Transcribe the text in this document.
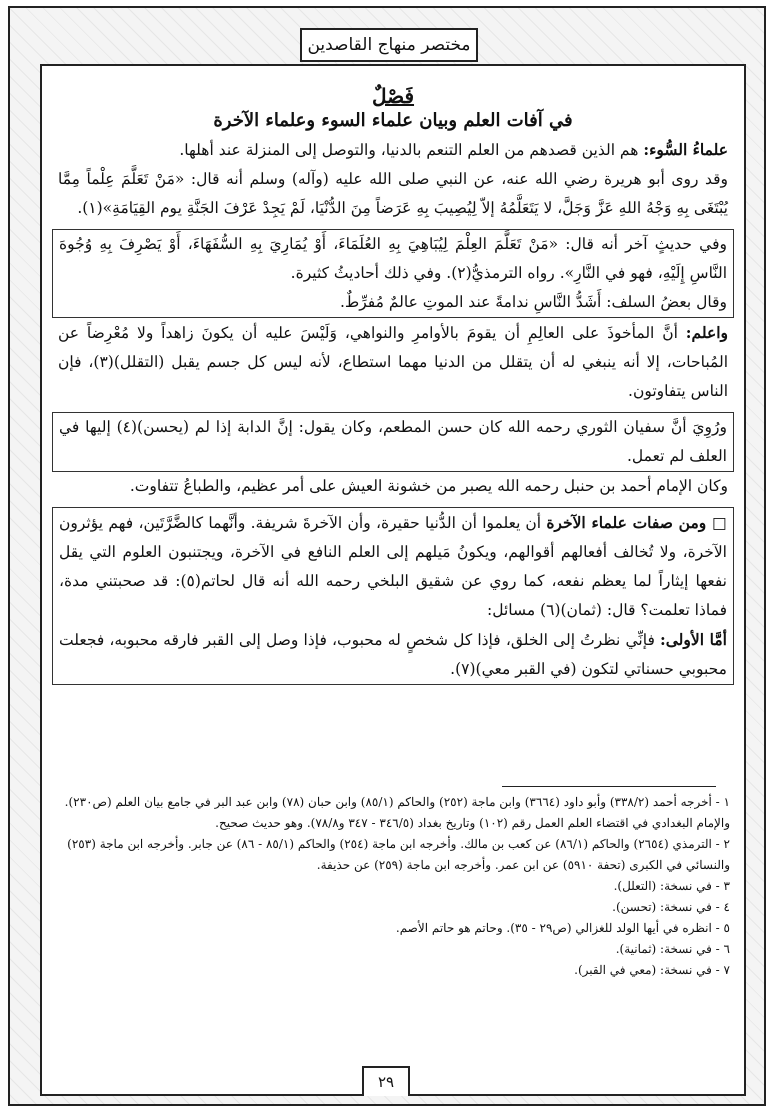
مختصر منهاج القاصدين
فَصْلٌ
في آفات العلم وبيان علماء السوء وعلماء الآخرة

علماءُ السُّوء: هم الذين قصدهم من العلم التنعم بالدنيا، والتوصل إلى المنزلة عند أهلها.

وقد روى أبو هريرة رضي الله عنه، عن النبي صلى الله عليه (وآله) وسلم أنه قال: «مَنْ تَعَلَّمَ عِلْماً مِمَّا يُبْتَغَى بِهِ وَجْهُ اللهِ عَزَّ وَجَلَّ، لا يَتَعَلَّمُهُ إلاّ لِيُصِيبَ بِهِ عَرَضاً مِنَ الدُّنْيَا، لَمْ يَجِدْ عَرْفَ الجَنَّةِ يوم القِيَامَةِ»(١).

وفي حديثٍ آخر أنه قال: «مَنْ تَعَلَّمَ العِلْمَ لِيُبَاهِيَ بِهِ العُلَمَاءَ، أَوْ يُمَارِيَ بِهِ السُّفَهَاءَ، أَوْ يَصْرِفَ بِهِ وُجُوهَ النَّاسِ إِلَيْهِ، فهو في النَّارِ». رواه الترمذيُّ(٢). وفي ذلك أحاديثُ كثيرة.

وقال بعضُ السلف: أَشَدُّ النَّاسِ ندامةً عند الموتِ عالمٌ مُفرِّطٌ.

واعلم: أنَّ المأخوذَ على العالِمِ أن يقومَ بالأوامرِ والنواهي، وَلَيْسَ عليه أن يكونَ زاهداً ولا مُعْرِضاً عن المُباحات، إلا أنه ينبغي له أن يتقلل من الدنيا مهما استطاع، لأنه ليس كل جسم يقبل (التقلل)(٣)، فإن الناس يتفاوتون.

ورُوِيَ أنَّ سفيان الثوري رحمه الله كان حسن المطعم، وكان يقول: إنَّ الدابة إذا لم (يحسن)(٤) إليها في العلف لم تعمل.

وكان الإمام أحمد بن حنبل رحمه الله يصبر من خشونة العيش على أمر عظيم، والطباعُ تتفاوت.

□ ومن صفات علماء الآخرة أن يعلموا أن الدُّنيا حقيرة، وأن الآخرةَ شريفة. وأنَّهما كالضَّرَّتَين، فهم يؤثرون الآخرة، ولا تُخالف أفعالهم أقوالهم، ويكونُ مَيلهم إلى العلم النافع في الآخرة، ويجتنبون العلوم التي يقل نفعها إيثاراً لما يعظم نفعه، كما روي عن شقيق البلخي رحمه الله أنه قال لحاتم(٥): قد صحبتني مدة، فماذا تعلمت؟ قال: (ثمان)(٦) مسائل:

أمَّا الأولى: فإنِّي نظرتُ إلى الخلق، فإذا كل شخصٍ له محبوب، فإذا وصل إلى القبر فارقه محبوبه، فجعلت محبوبي حسناتي لتكون (في القبر معي)(٧).

١ - أخرجه أحمد (٣٣٨/٢) وأبو داود (٣٦٦٤) وابن ماجة (٢٥٢) والحاكم (٨٥/١) وابن حبان (٧٨) وابن عبد البر في جامع بيان العلم (ص٢٣٠). والإمام البغدادي في اقتضاء العلم العمل رقم (١٠٢) وتاريخ بغداد (٣٤٦/٥ - ٣٤٧ و٧٨/٨). وهو حديث صحيح.
٢ - الترمذي (٢٦٥٤) والحاكم (٨٦/١) عن كعب بن مالك. وأخرجه ابن ماجة (٢٥٤) والحاكم (٨٥/١ - ٨٦) عن جابر. وأخرجه ابن ماجة (٢٥٣) والنسائي في الكبرى (تحفة ٥٩١٠) عن ابن عمر. وأخرجه ابن ماجة (٢٥٩) عن حذيفة.
٣ - في نسخة: (التعلل).
٤ - في نسخة: (تحسن).
٥ - انظره في أيها الولد للغزالي (ص٢٩ - ٣٥). وحاتم هو حاتم الأصم.
٦ - في نسخة: (ثمانية).
٧ - في نسخة: (معي في القبر).
٢٩
